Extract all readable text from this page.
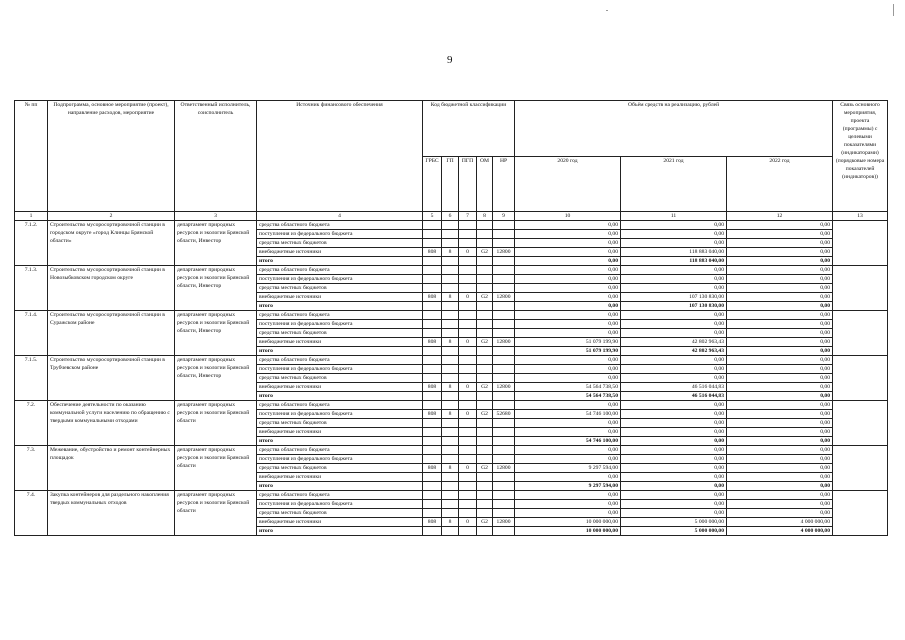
9
№ пп	Подпрограмма, основное мероприятие (проект), направление расходов, мероприятие	Ответственный исполнитель, соисполнитель	Источник финансового обеспечения	Код бюджетной классификации					Объём средств на реализацию, рублей			Связь основного мероприятия, проекта (программы) с целевыми показателями (индикаторами) (порядковые номера показателей (индикаторов))
				ГРБС	ГП	ПГП	ОМ	НР	2020 год	2021 год	2022 год	
1	2	3	4	5	6	7	8	9	10	11	12	13
7.1.2.	Строительство мусоросортировочной станции в городском округе «город Клинцы Брянской области»	департамент природных ресурсов и экологии Брянской области, Инвестор	средства областного бюджета						0,00	0,00	0,00	
			поступления из федерального бюджета						0,00	0,00	0,00	
			средства местных бюджетов						0,00	0,00	0,00	
			внебюджетные источники	808	8	0	G2	12800	0,00	118 883 040,00	0,00	
			итого						0,00	118 883 040,00	0,00	
7.1.3.	Строительство мусоросортировочной станции в Новозыбковском городском округе	департамент природных ресурсов и экологии Брянской области, Инвестор	средства областного бюджета						0,00	0,00	0,00	
			поступления из федерального бюджета						0,00	0,00	0,00	
			средства местных бюджетов						0,00	0,00	0,00	
			внебюджетные источники	808	8	0	G2	12800	0,00	107 130 830,00	0,00	
			итого						0,00	107 130 830,00	0,00	
7.1.4.	Строительство мусоросортировочной станции в Суражском районе	департамент природных ресурсов и экологии Брянской области, Инвестор	средства областного бюджета						0,00	0,00	0,00	
			поступления из федерального бюджета						0,00	0,00	0,00	
			средства местных бюджетов						0,00	0,00	0,00	
			внебюджетные источники	808	8	0	G2	12800	51 079 199,90	42 802 963,43	0,00	
			итого						51 079 199,90	42 802 963,43	0,00	
7.1.5.	Строительство мусоросортировочной станции в Трубчевском районе	департамент природных ресурсов и экологии Брянской области, Инвестор	средства областного бюджета						0,00	0,00	0,00	
			поступления из федерального бюджета						0,00	0,00	0,00	
			средства местных бюджетов						0,00	0,00	0,00	
			внебюджетные источники	808	8	0	G2	12800	54 564 738,50	46 516 044,83	0,00	
			итого						54 564 738,50	46 516 044,83	0,00	
7.2.	Обеспечение деятельности по оказанию коммунальной услуги населению по обращению с твердыми коммунальными отходами	департамент природных ресурсов и экологии Брянской области	средства областного бюджета						0,00	0,00	0,00	
			поступления из федерального бюджета	808	8	0	G2	52680	54 746 100,00	0,00	0,00	
			средства местных бюджетов						0,00	0,00	0,00	
			внебюджетные источники						0,00	0,00	0,00	
			итого						54 746 100,00	0,00	0,00	
7.3.	Межевание, обустройство и ремонт контейнерных площадок	департамент природных ресурсов и экологии Брянской области	средства областного бюджета						0,00	0,00	0,00	
			поступления из федерального бюджета						0,00	0,00	0,00	
			средства местных бюджетов	808	8	0	G2	12800	9 297 594,00	0,00	0,00	
			внебюджетные источники						0,00	0,00	0,00	
			итого						9 297 594,00	0,00	0,00	
7.4.	Закупка контейнеров для раздельного накопления твердых коммунальных отходов	департамент природных ресурсов и экологии Брянской области	средства областного бюджета						0,00	0,00	0,00	
			поступления из федерального бюджета						0,00	0,00	0,00	
			средства местных бюджетов						0,00	0,00	0,00	
			внебюджетные источники	808	8	0	G2	12800	10 000 000,00	5 000 000,00	4 000 000,00	
			итого						10 000 000,00	5 000 000,00	4 000 000,00	
